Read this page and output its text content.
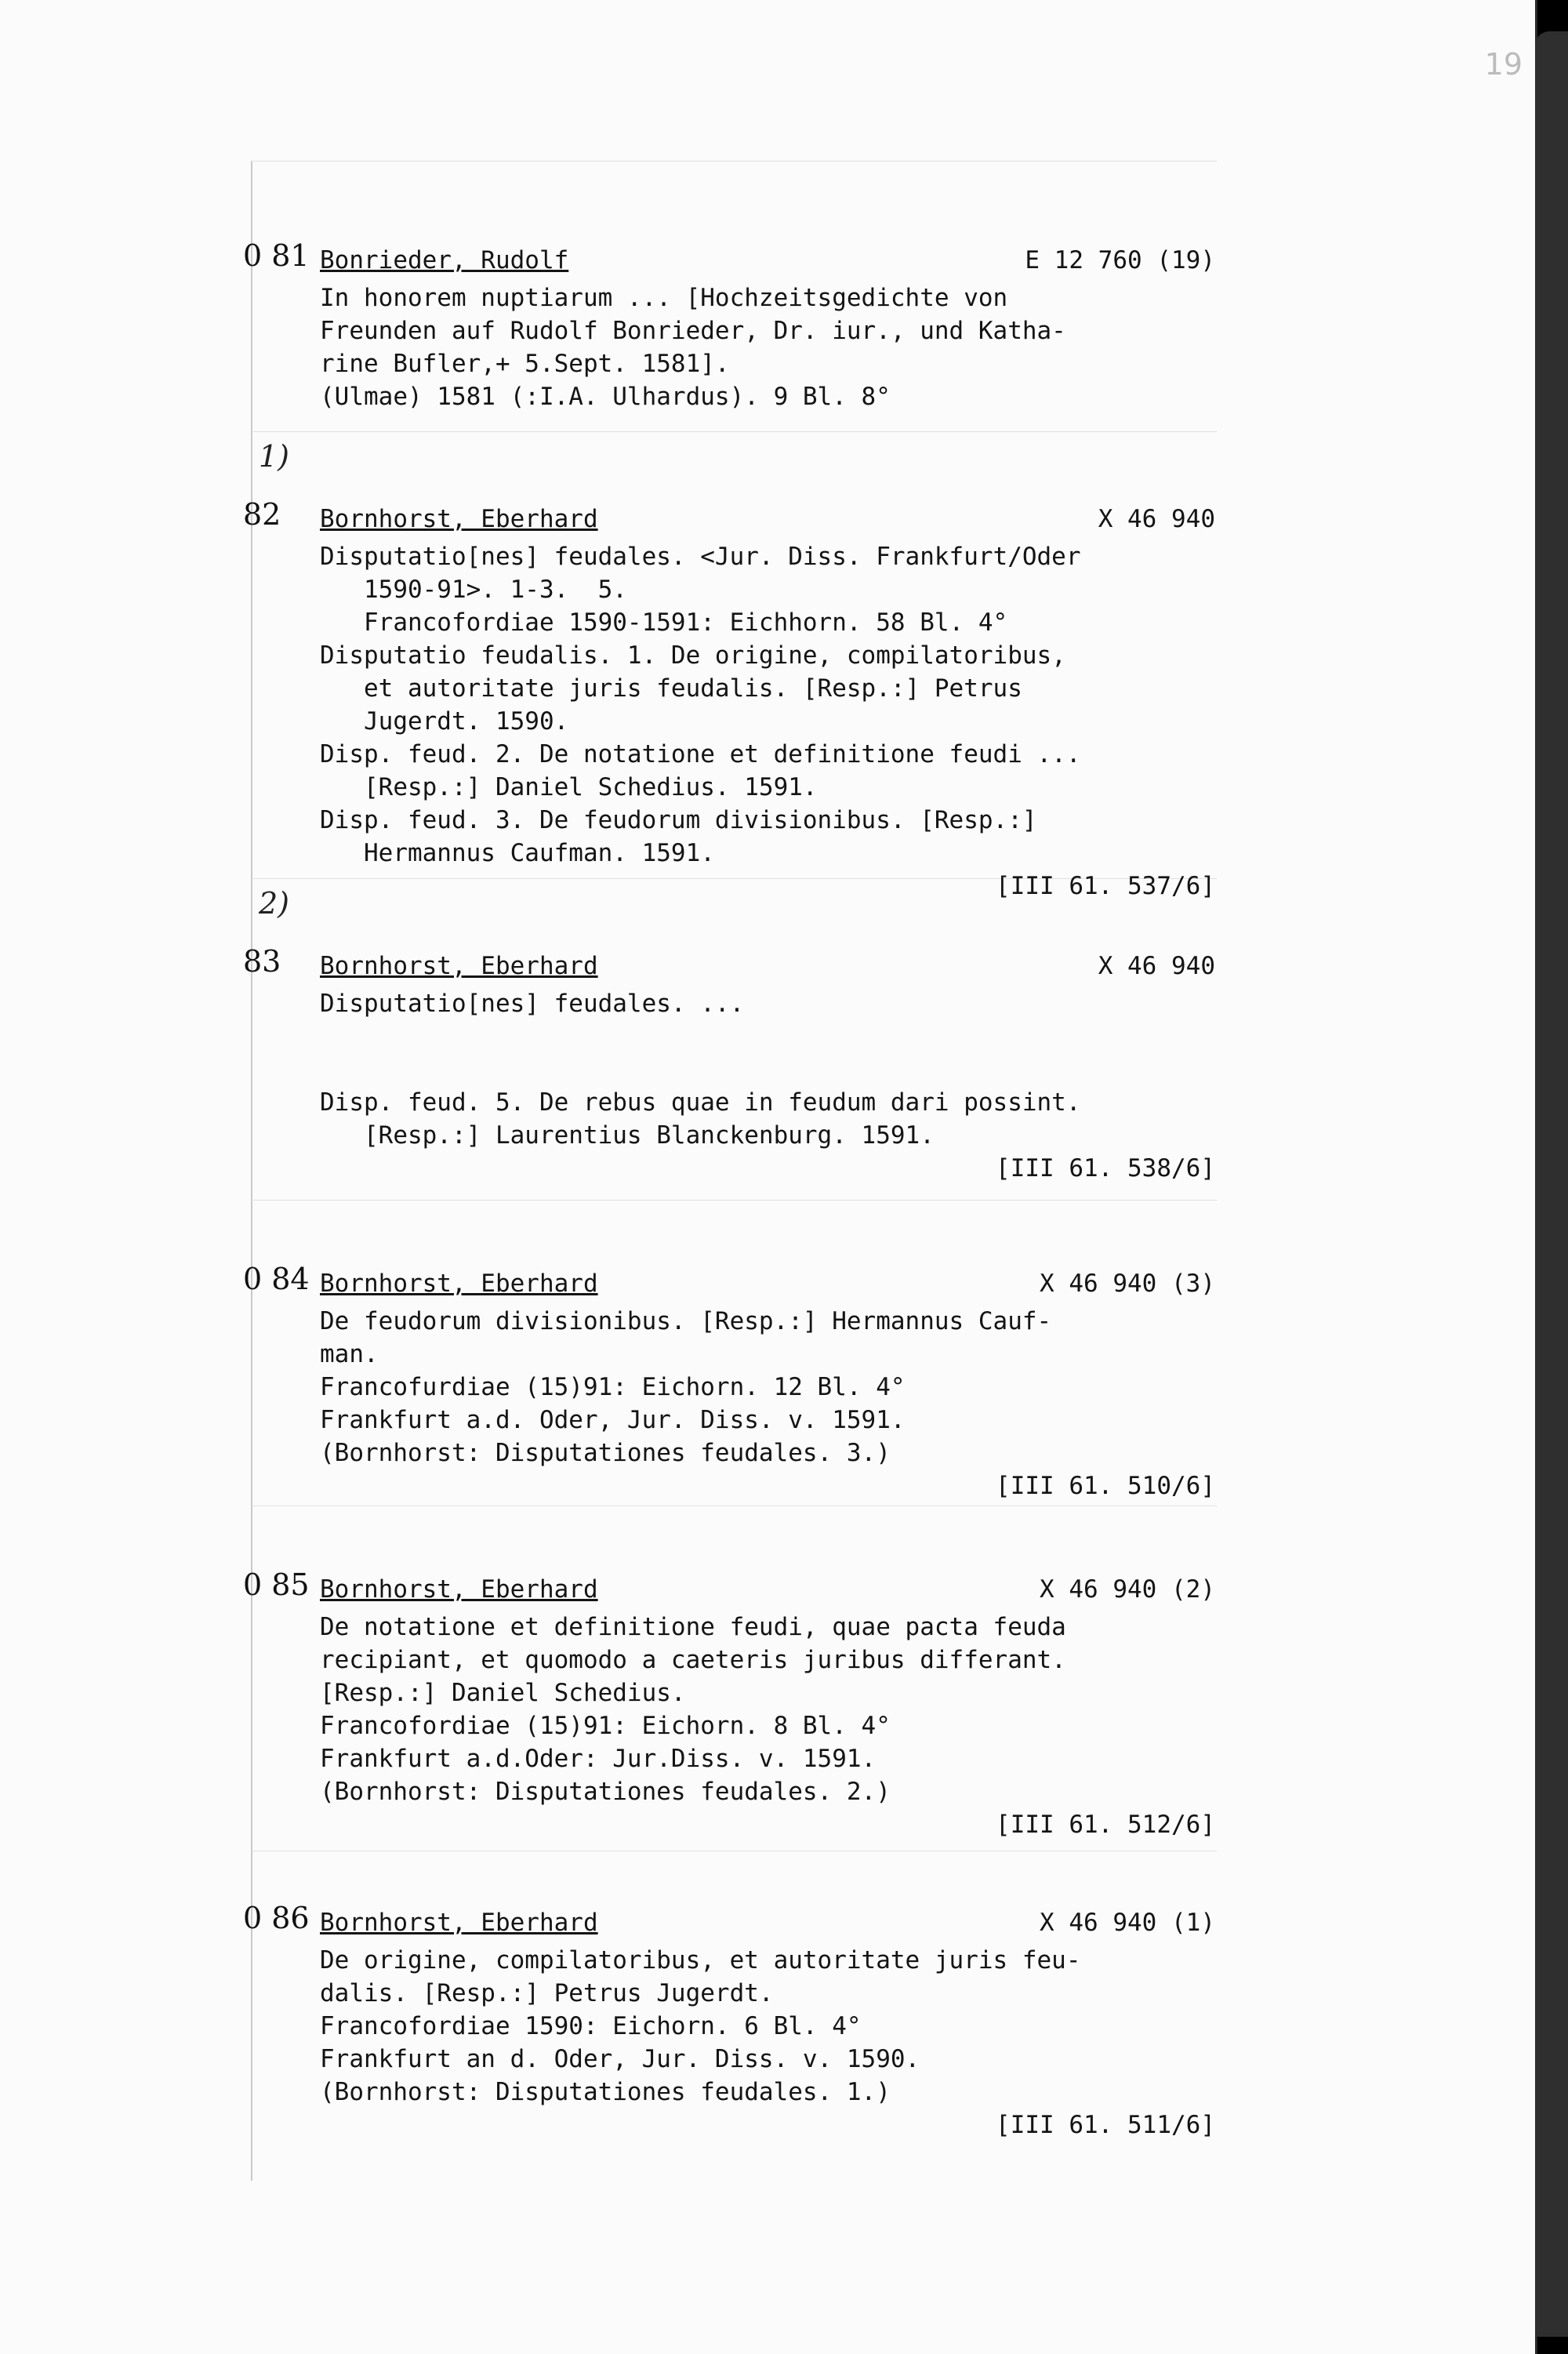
19
0 81 Bonrieder, Rudolf	E 12 760 (19)
In honorem nuptiarum ... [Hochzeitsgedichte von
Freunden auf Rudolf Bonrieder, Dr. iur., und Katha-
rine Bufler,+ 5.Sept. 1581].
(Ulmae) 1581 (:I.A. Ulhardus). 9 Bl. 8°
1)
82 Bornhorst, Eberhard	X 46 940
Disputatio[nes] feudales. <Jur. Diss. Frankfurt/Oder
1590-91>. 1-3.  5.
Francofordiae 1590-1591: Eichhorn. 58 Bl. 4°
Disputatio feudalis. 1. De origine, compilatoribus,
et autoritate juris feudalis. [Resp.:] Petrus
Jugerdt. 1590.
Disp. feud. 2. De notatione et definitione feudi ...
[Resp.:] Daniel Schedius. 1591.
Disp. feud. 3. De feudorum divisionibus. [Resp.:]
Hermannus Caufman. 1591.
[III 61. 537/6]
2)
83 Bornhorst, Eberhard	X 46 940
Disputatio[nes] feudales. ...

Disp. feud. 5. De rebus quae in feudum dari possint.
[Resp.:] Laurentius Blanckenburg. 1591.
[III 61. 538/6]
0 84 Bornhorst, Eberhard	X 46 940 (3)
De feudorum divisionibus. [Resp.:] Hermannus Cauf-
man.
Francofurdiae (15)91: Eichorn. 12 Bl. 4°
Frankfurt a.d. Oder, Jur. Diss. v. 1591.
(Bornhorst: Disputationes feudales. 3.)
[III 61. 510/6]
0 85 Bornhorst, Eberhard	X 46 940 (2)
De notatione et definitione feudi, quae pacta feuda
recipiant, et quomodo a caeteris juribus differant.
[Resp.:] Daniel Schedius.
Francofordiae (15)91: Eichorn. 8 Bl. 4°
Frankfurt a.d.Oder: Jur.Diss. v. 1591.
(Bornhorst: Disputationes feudales. 2.)
[III 61. 512/6]
0 86 Bornhorst, Eberhard	X 46 940 (1)
De origine, compilatoribus, et autoritate juris feu-
dalis. [Resp.:] Petrus Jugerdt.
Francofordiae 1590: Eichorn. 6 Bl. 4°
Frankfurt an d. Oder, Jur. Diss. v. 1590.
(Bornhorst: Disputationes feudales. 1.)
[III 61. 511/6]
